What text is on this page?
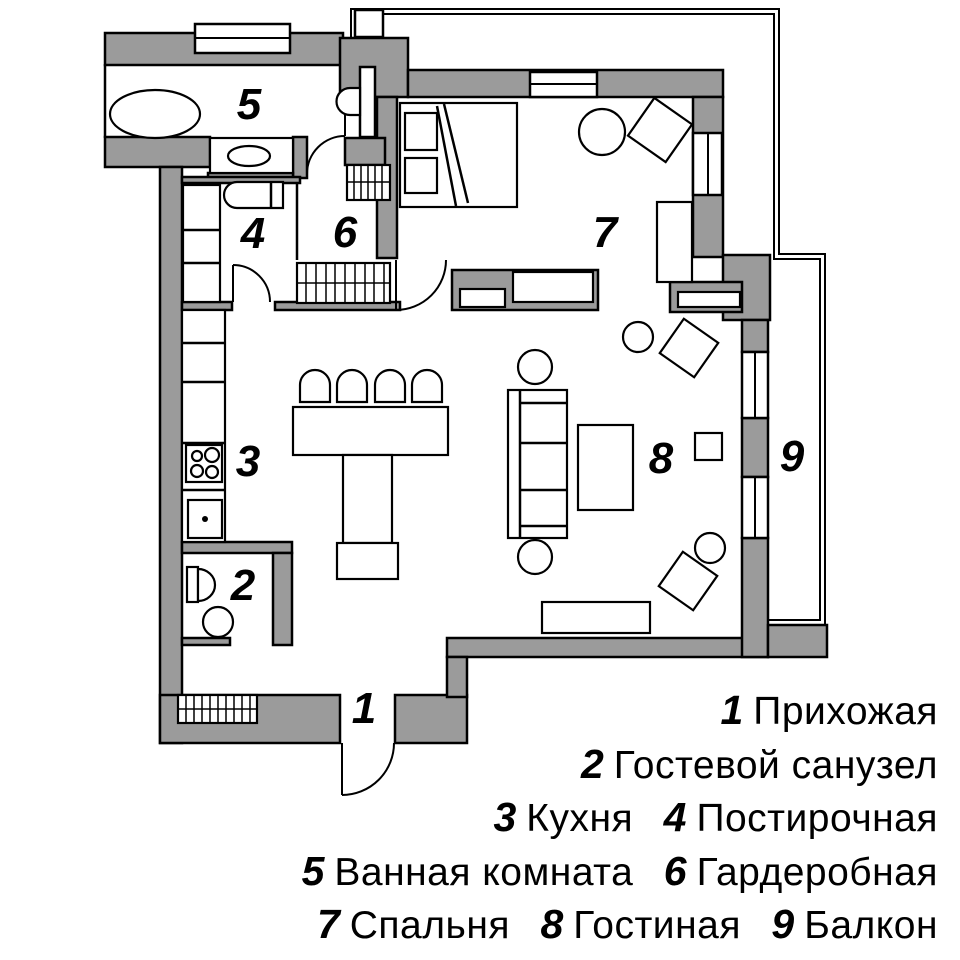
1
2
3
4
5
6	7
8 9
1 Прихожая
2 Гостевой санузел
3 Кухня 4 Постирочная
5 Ванная комната 6 Гардеробная
7 Спальня 8 Гостиная 9 Балкон
